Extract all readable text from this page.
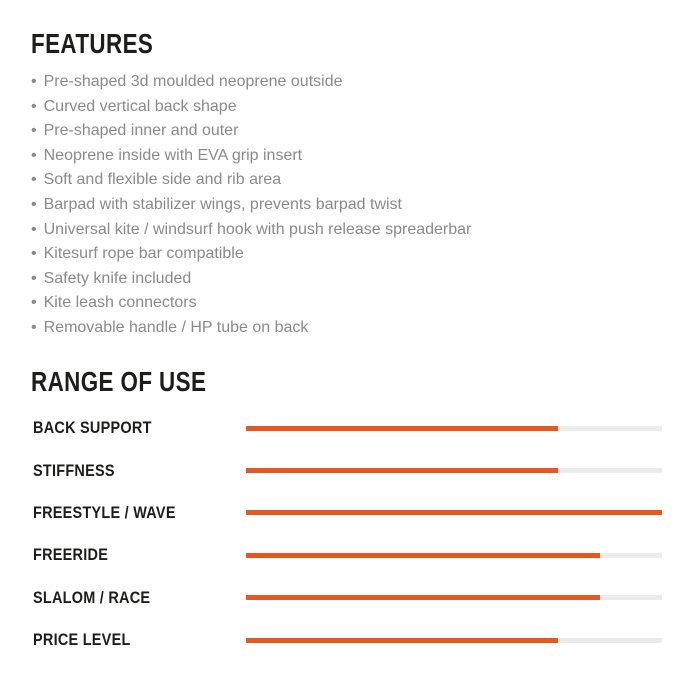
FEATURES
• Pre-shaped 3d moulded neoprene outside
• Curved vertical back shape
• Pre-shaped inner and outer
• Neoprene inside with EVA grip insert
• Soft and flexible side and rib area
• Barpad with stabilizer wings, prevents barpad twist
• Universal kite / windsurf hook with push release spreaderbar
• Kitesurf rope bar compatible
• Safety knife included
• Kite leash connectors
• Removable handle / HP tube on back
RANGE OF USE
BACK SUPPORT
STIFFNESS
FREESTYLE / WAVE
FREERIDE
SLALOM / RACE
PRICE LEVEL
